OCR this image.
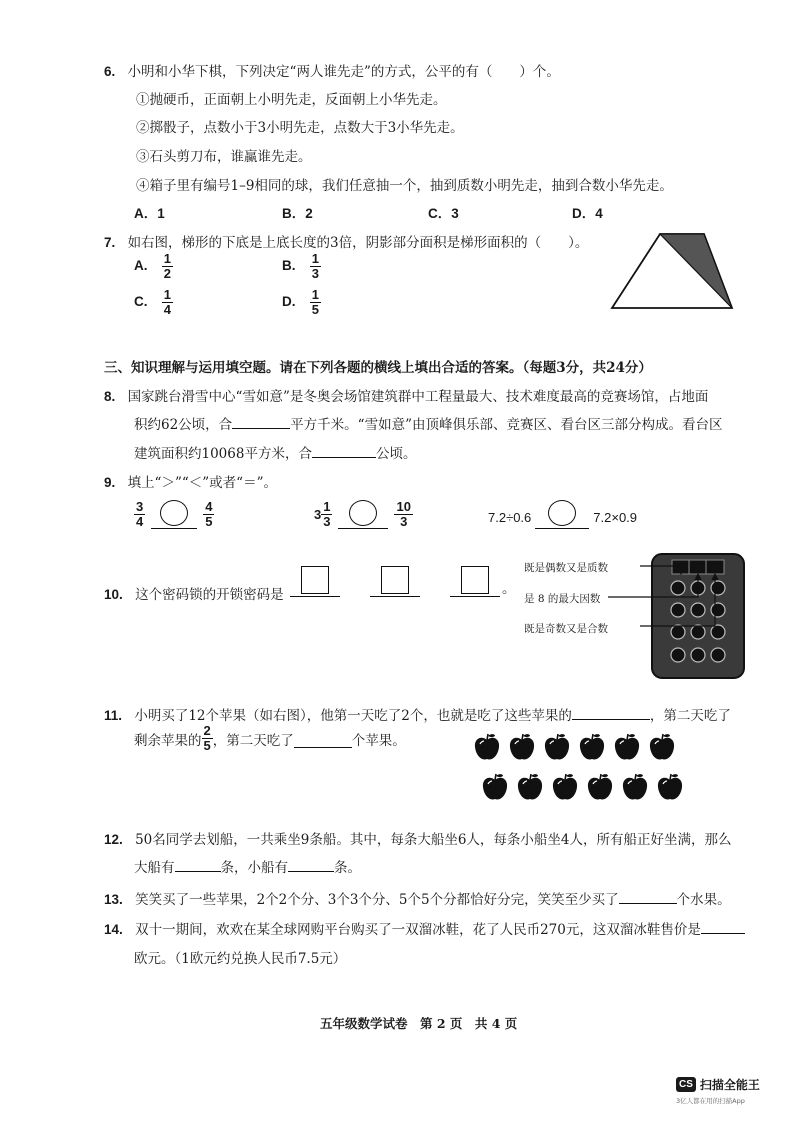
6. 小明和小华下棋，下列决定“两人谁先走”的方式，公平的有（　　）个。
①抛硬币，正面朝上小明先走，反面朝上小华先走。
②掷骰子，点数小于3小明先走，点数大于3小华先走。
③石头剪刀布，谁赢谁先走。
④箱子里有编号1–9相同的球，我们任意抽一个，抽到质数小明先走，抽到合数小华先走。
A．1	B．2	C．3	D．4
7. 如右图，梯形的下底是上底长度的3倍，阴影部分面积是梯形面积的（　　）。
A. $\frac{1}{2}$	B. $\frac{1}{3}$
C. $\frac{1}{4}$	D. $\frac{1}{5}$
三、知识理解与运用填空题。请在下列各题的横线上填出合适的答案。（每题3分，共24分）
8. 国家跳台滑雪中心“雪如意”是冬奥会场馆建筑群中工程量最大、技术难度最高的竞赛场馆，占地面
积约62公顷，合	平方千米。“雪如意”由顶峰俱乐部、竞赛区、看台区三部分构成。看台区
建筑面积约10068平方米，合	公顷。
9. 填上“＞”“＜”或者“＝”。
$\frac{3}{4}$	$\frac{4}{5}$	$3 \frac{1}{3}$	$\frac{10}{3}$	7.2÷0.6	7.2×0.9
10. 这个密码锁的开锁密码是	。
既是偶数又是质数
是 8 的最大因数
既是奇数又是合数
11. 小明买了12个苹果（如右图），他第一天吃了2个，也就是吃了这些苹果的	，第二天吃了
剩余苹果的 $\frac{2}{5}$ ，第二天吃了	个苹果。
12. 50名同学去划船，一共乘坐9条船。其中，每条大船坐6人，每条小船坐4人，所有船正好坐满，那么
大船有	条，小船有	条。
13. 笑笑买了一些苹果，2个2个分、3个3个分、5个5个分都恰好分完，笑笑至少买了	个水果。
14. 双十一期间，欢欢在某全球网购平台购买了一双溜冰鞋，花了人民币270元，这双溜冰鞋售价是
欧元。（1欧元约兑换人民币7.5元）
五年级数学试卷　第 2 页　共 4 页
CS 扫描全能王
3亿人都在用的扫描App
